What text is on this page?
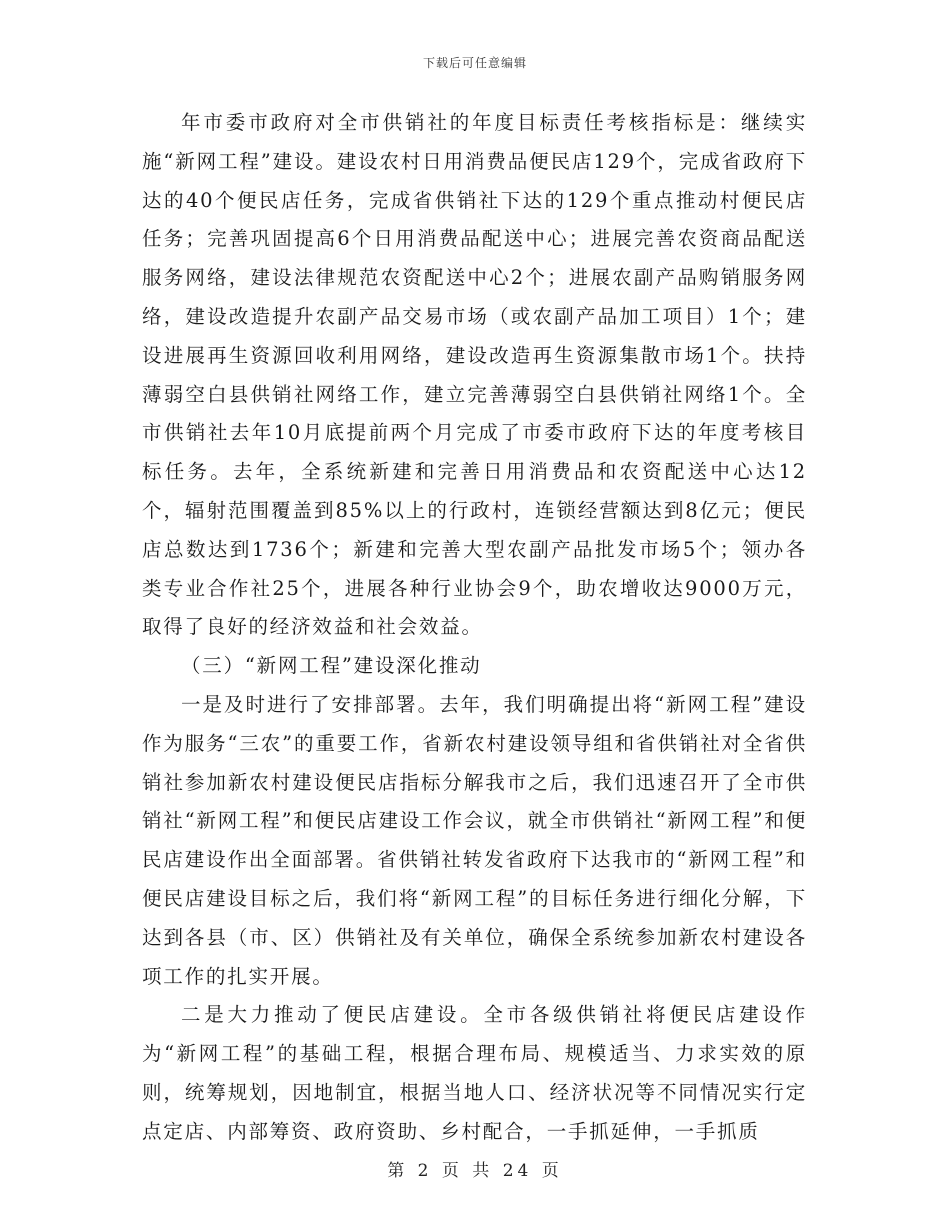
下载后可任意编辑

年市委市政府对全市供销社的年度目标责任考核指标是：继续实施“新网工程”建设。建设农村日用消费品便民店129个，完成省政府下达的40个便民店任务，完成省供销社下达的129个重点推动村便民店任务；完善巩固提高6个日用消费品配送中心；进展完善农资商品配送服务网络，建设法律规范农资配送中心2个；进展农副产品购销服务网络，建设改造提升农副产品交易市场（或农副产品加工项目）1个；建设进展再生资源回收利用网络，建设改造再生资源集散市场1个。扶持薄弱空白县供销社网络工作，建立完善薄弱空白县供销社网络1个。全市供销社去年10月底提前两个月完成了市委市政府下达的年度考核目标任务。去年，全系统新建和完善日用消费品和农资配送中心达12个，辐射范围覆盖到85%以上的行政村，连锁经营额达到8亿元；便民店总数达到1736个；新建和完善大型农副产品批发市场5个；领办各类专业合作社25个，进展各种行业协会9个，助农增收达9000万元，取得了良好的经济效益和社会效益。

（三）“新网工程”建设深化推动

一是及时进行了安排部署。去年，我们明确提出将“新网工程”建设作为服务“三农”的重要工作，省新农村建设领导组和省供销社对全省供销社参加新农村建设便民店指标分解我市之后，我们迅速召开了全市供销社“新网工程”和便民店建设工作会议，就全市供销社“新网工程”和便民店建设作出全面部署。省供销社转发省政府下达我市的“新网工程”和便民店建设目标之后，我们将“新网工程”的目标任务进行细化分解，下达到各县（市、区）供销社及有关单位，确保全系统参加新农村建设各项工作的扎实开展。

二是大力推动了便民店建设。全市各级供销社将便民店建设作为“新网工程”的基础工程，根据合理布局、规模适当、力求实效的原则，统筹规划，因地制宜，根据当地人口、经济状况等不同情况实行定点定店、内部筹资、政府资助、乡村配合，一手抓延伸，一手抓质

第 2 页 共 24 页
